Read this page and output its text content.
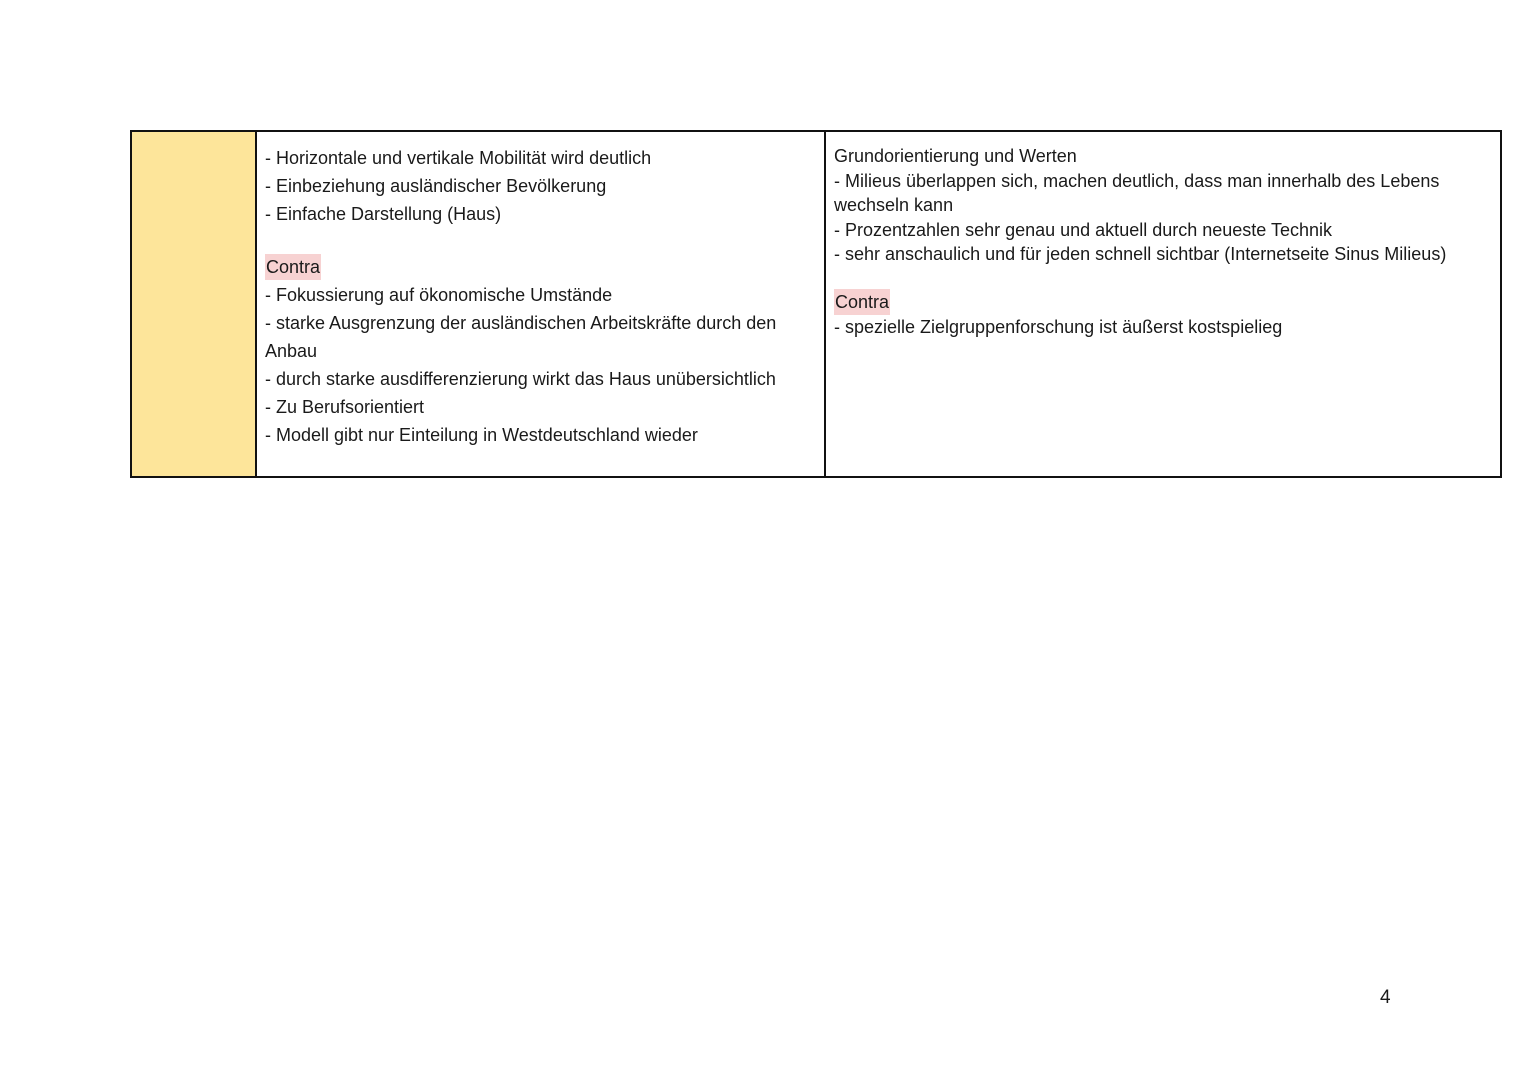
- Horizontale und vertikale Mobilität wird deutlich
- Einbeziehung ausländischer Bevölkerung
- Einfache Darstellung (Haus)
Contra
- Fokussierung auf ökonomische Umstände
- starke Ausgrenzung der ausländischen Arbeitskräfte durch den Anbau
- durch starke ausdifferenzierung wirkt das Haus unübersichtlich
- Zu Berufsorientiert
- Modell gibt nur Einteilung in Westdeutschland wieder
Grundorientierung und Werten
- Milieus überlappen sich, machen deutlich, dass man innerhalb des Lebens wechseln kann
- Prozentzahlen sehr genau und aktuell durch neueste Technik
- sehr anschaulich und für jeden schnell sichtbar (Internetseite Sinus Milieus)
Contra
- spezielle Zielgruppenforschung ist äußerst kostspielieg
4
